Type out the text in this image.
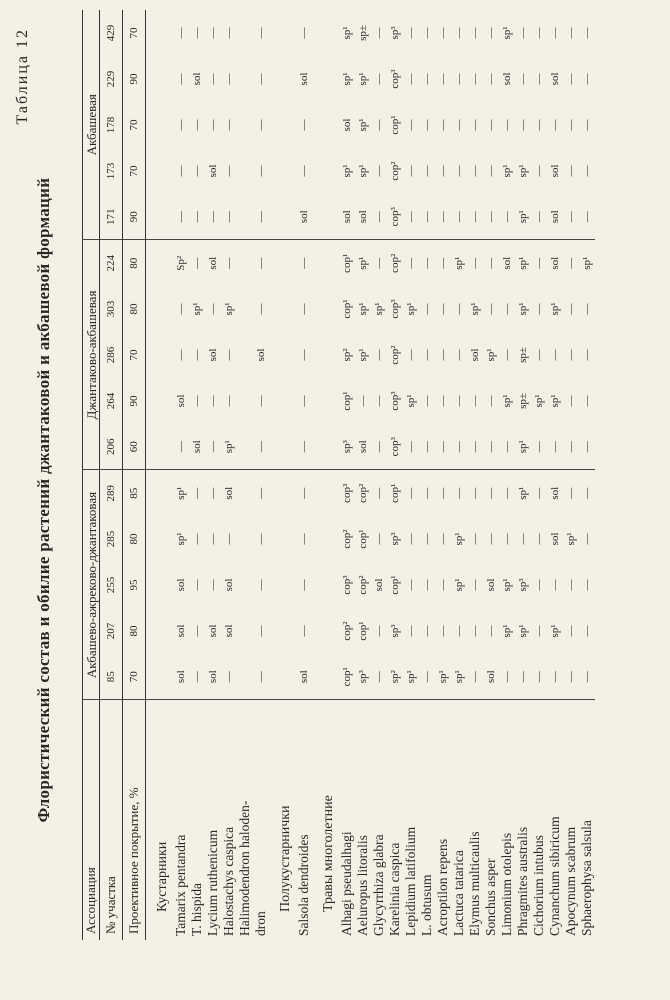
Таблица 12
Флористический состав и обилие растений джантаковой и акбашевой формаций
Ассоциация	Акбашево-ажреково-джантаковая					Джантаково-акбашевая					Акбашевая				
№ участка	85	207	255	285	289	206	264	286	303	224	171	173	178	229	429
Проективное покрытие, %	70	80	95	80	85	60	90	70	80	80	90	70	70	90	70
Кустарники															
Tamarix pentandra	sol	sol	sol	sp¹	sp¹	—	sol	—	—	Sp²	—	—	—	—	—
T. hispida	—	—	—	—	—	sol	—	—	sp¹	—	—	—	—	sol	—
Lycium ruthenicum	sol	sol	—	—	—	—	—	sol	—	sol	—	sol	—	—	—
Halostachys caspica	—	sol	sol	—	sol	sp¹	—	—	sp¹	—	—	—	—	—	—
Halimodendron haloden-															
dron	—	—	—	—	—	—	—	sol	—	—	—	—	—	—	—
Полукустарнички															
Salsola dendroides	sol	—	—	—	—	—	—	—	—	—	sol	—	—	sol	—
Травы многолетние															
Alhagi pseudalhagi	cop¹	cop²	cop³	cop²	cop³	sp³	cop¹	sp²	cop¹	cop¹	sol	sp¹	sol	sp¹	sp¹
Aeluropus litoralis	sp³	cop¹	cop²	cop¹	cop²	sol	—	sp¹	sp¹	sp¹	sol	sp¹	sp¹	sp¹	sp±
Glycyrrhiza glabra	—	—	sol	—	—	—	—	—	sp¹	—	—	—	—	—	—
Karelinia caspica	sp²	sp³	cop¹	sp³	cop¹	cop³	cop³	cop²	cop³	cop²	cop³	cop²	cop¹	cop³	sp³
Lepidium latifolium	sp¹	—	—	—	—	—	sp¹	—	sp¹	—	—	—	—	—	—
L. obtusum	—	—	—	—	—	—	—	—	—	—	—	—	—	—	—
Acroptilon repens	sp¹	—	—	—	—	—	—	—	—	—	—	—	—	—	—
Lactuca tatarica	sp¹	—	sp¹	sp¹	—	—	—	—	—	sp¹	—	—	—	—	—
Elymus multicaulis	—	—	—	—	—	—	—	sol	sp¹	—	—	—	—	—	—
Sonchus asper	sol	—	sol	—	—	—	—	sp¹	—	—	—	—	—	—	—
Limonium otolepis	—	sp¹	sp¹	—	—	—	sp¹	—	—	sol	—	sp¹	—	sol	sp¹
Phragmites australis	—	sp¹	sp³	—	sp¹	sp¹	sp±	sp±	sp¹	sp¹	sp¹	sp¹	—	—	—
Cichorium intubus	—	—	—	—	—	—	sp¹	—	—	—	—	—	—	—	—
Cynanchum sibiricum	—	sp¹	—	sol	sol	—	sp¹	—	sp¹	sol	sol	sol	—	sol	—
Apocynum scabrum	—	—	—	sp¹	—	—	—	—	—	—	—	—	—	—	—
Sphaerophysa salsula	—	—	—	—	—	—	—	—	—	sp¹	—	—	—	—	—
